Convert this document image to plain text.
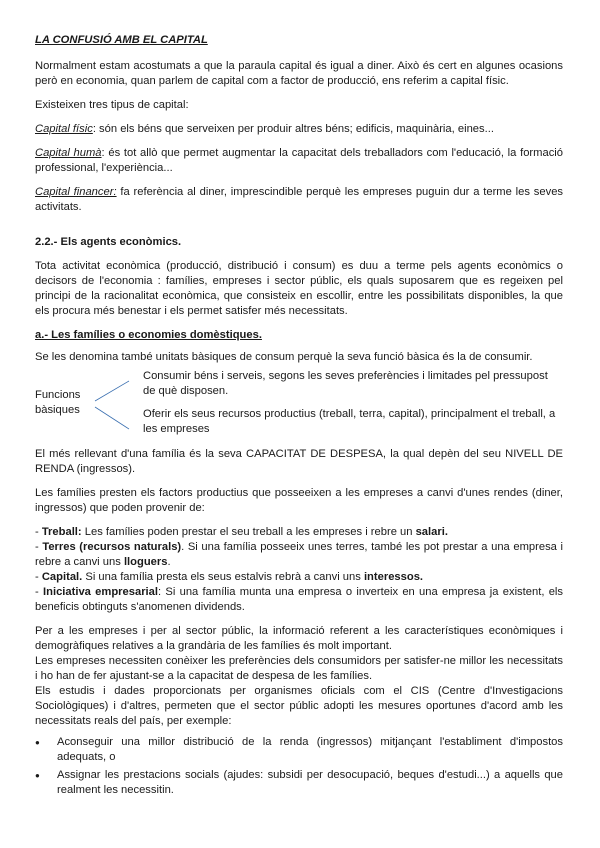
LA CONFUSIÓ AMB EL CAPITAL

Normalment estam acostumats a que la paraula capital és igual a diner. Això és cert en algunes ocasions però en economia, quan parlem de capital com a factor de producció, ens referim a capital físic.

Existeixen tres tipus de capital:

Capital físic: són els béns que serveixen per produir altres béns; edificis, maquinària, eines...

Capital humà: és tot allò que permet augmentar la capacitat dels treballadors com l'educació, la formació professional, l'experiència...

Capital financer: fa referència al diner, imprescindible perquè les empreses puguin dur a terme les seves activitats.

2.2.- Els agents econòmics.

Tota activitat econòmica (producció, distribució i consum) es duu a terme pels agents econòmics o decisors de l'economia : famílies, empreses i sector públic, els quals suposarem que es regeixen pel principi de la racionalitat econòmica, que consisteix en escollir, entre les possibilitats disponibles, la que els procura més benestar i els permet satisfer més necessitats.

a.- Les famílies o economies domèstiques.

Se les denomina també unitats bàsiques de consum perquè la seva funció bàsica és la de consumir.

Funcions
bàsiques
Consumir béns i serveis, segons les seves preferències i limitades pel pressupost de què disposen.
Oferir els seus recursos productius (treball, terra, capital), principalment el treball, a les empreses

El més rellevant d'una família és la seva CAPACITAT DE DESPESA, la qual depèn del seu NIVELL DE RENDA (ingressos).

Les famílies presten els factors productius que posseeixen a les empreses a canvi d'unes rendes (diner, ingressos) que poden provenir de:

- Treball: Les famílies poden prestar el seu treball a les empreses i rebre un salari.

- Terres (recursos naturals). Si una família posseeix unes terres, també les pot prestar a una empresa i rebre a canvi uns lloguers.

- Capital. Si una família presta els seus estalvis rebrà a canvi uns interessos.

- Iniciativa empresarial: Si una família munta una empresa o inverteix en una empresa ja existent, els beneficis obtinguts s'anomenen dividends.

Per a les empreses i per al sector públic, la informació referent a les característiques econòmiques i demogràfiques relatives a la grandària de les famílies és molt important.

Les empreses necessiten conèixer les preferències dels consumidors per satisfer-ne millor les necessitats i ho han de fer ajustant-se a la capacitat de despesa de les famílies.

Els estudis i dades proporcionats per organismes oficials com el CIS (Centre d'Investigacions Sociològiques) i d'altres, permeten que el sector públic adopti les mesures oportunes d'acord amb les necessitats reals del país, per exemple:

● Aconseguir una millor distribució de la renda (ingressos) mitjançant l'establiment d'impostos adequats, o
● Assignar les prestacions socials (ajudes: subsidi per desocupació, beques d'estudi...) a aquells que realment les necessitin.
